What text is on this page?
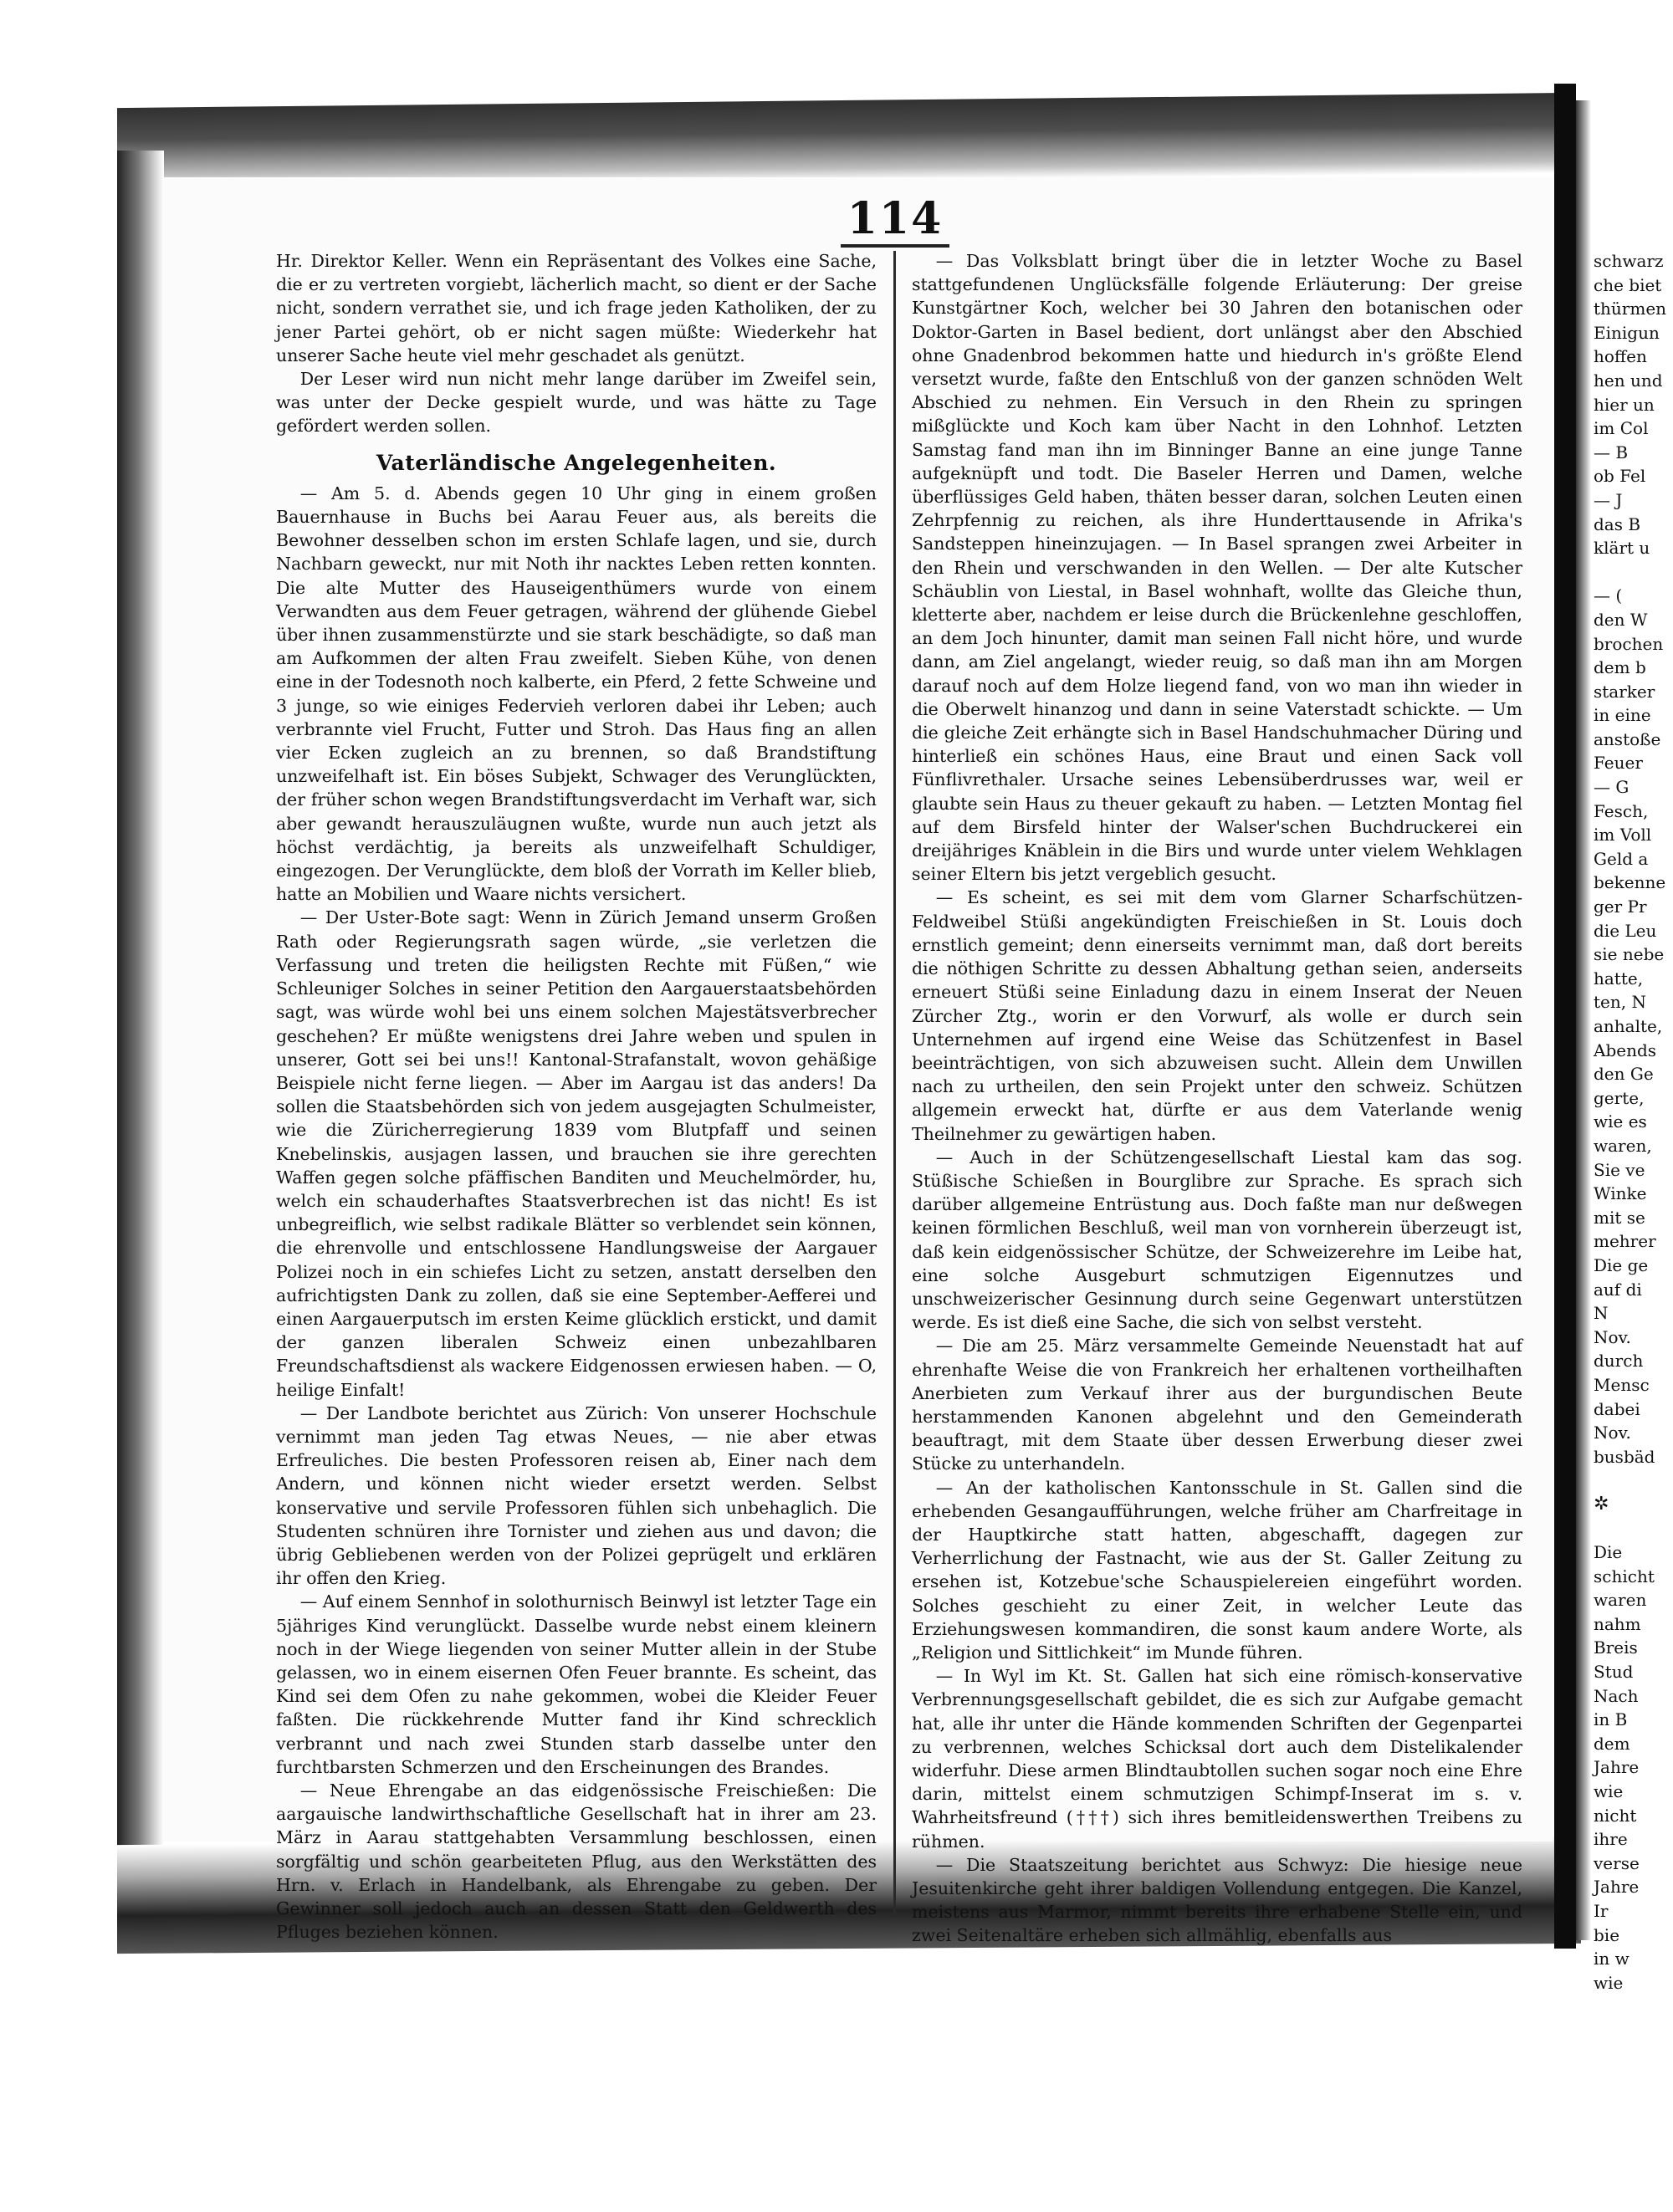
114

Hr. Direktor Keller. Wenn ein Repräsentant des Volkes eine Sache, die er zu vertreten vorgiebt, lächerlich macht, so dient er der Sache nicht, sondern verrathet sie, und ich frage jeden Katholiken, der zu jener Partei gehört, ob er nicht sagen müßte: Wiederkehr hat unserer Sache heute viel mehr geschadet als genützt.

Der Leser wird nun nicht mehr lange darüber im Zweifel sein, was unter der Decke gespielt wurde, und was hätte zu Tage gefördert werden sollen.

Vaterländische Angelegenheiten.

— Am 5. d. Abends gegen 10 Uhr ging in einem großen Bauernhause in Buchs bei Aarau Feuer aus, als bereits die Bewohner desselben schon im ersten Schlafe lagen, und sie, durch Nachbarn geweckt, nur mit Noth ihr nacktes Leben retten konnten. Die alte Mutter des Hauseigenthümers wurde von einem Verwandten aus dem Feuer getragen, während der glühende Giebel über ihnen zusammenstürzte und sie stark beschädigte, so daß man am Aufkommen der alten Frau zweifelt. Sieben Kühe, von denen eine in der Todesnoth noch kalberte, ein Pferd, 2 fette Schweine und 3 junge, so wie einiges Federvieh verloren dabei ihr Leben; auch verbrannte viel Frucht, Futter und Stroh. Das Haus fing an allen vier Ecken zugleich an zu brennen, so daß Brandstiftung unzweifelhaft ist. Ein böses Subjekt, Schwager des Verunglückten, der früher schon wegen Brandstiftungsverdacht im Verhaft war, sich aber gewandt herauszuläugnen wußte, wurde nun auch jetzt als höchst verdächtig, ja bereits als unzweifelhaft Schuldiger, eingezogen. Der Verunglückte, dem bloß der Vorrath im Keller blieb, hatte an Mobilien und Waare nichts versichert.

— Der Uster-Bote sagt: Wenn in Zürich Jemand unserm Großen Rath oder Regierungsrath sagen würde, „sie verletzen die Verfassung und treten die heiligsten Rechte mit Füßen,“ wie Schleuniger Solches in seiner Petition den Aargauerstaatsbehörden sagt, was würde wohl bei uns einem solchen Majestätsverbrecher geschehen? Er müßte wenigstens drei Jahre weben und spulen in unserer, Gott sei bei uns!! Kantonal-Strafanstalt, wovon gehäßige Beispiele nicht ferne liegen. — Aber im Aargau ist das anders! Da sollen die Staatsbehörden sich von jedem ausgejagten Schulmeister, wie die Züricherregierung 1839 vom Blutpfaff und seinen Knebelinskis, ausjagen lassen, und brauchen sie ihre gerechten Waffen gegen solche pfäffischen Banditen und Meuchelmörder, hu, welch ein schauderhaftes Staatsverbrechen ist das nicht! Es ist unbegreiflich, wie selbst radikale Blätter so verblendet sein können, die ehrenvolle und entschlossene Handlungsweise der Aargauer Polizei noch in ein schiefes Licht zu setzen, anstatt derselben den aufrichtigsten Dank zu zollen, daß sie eine September-Aefferei und einen Aargauerputsch im ersten Keime glücklich erstickt, und damit der ganzen liberalen Schweiz einen unbezahlbaren Freundschaftsdienst als wackere Eidgenossen erwiesen haben. — O, heilige Einfalt!

— Der Landbote berichtet aus Zürich: Von unserer Hochschule vernimmt man jeden Tag etwas Neues, — nie aber etwas Erfreuliches. Die besten Professoren reisen ab, Einer nach dem Andern, und können nicht wieder ersetzt werden. Selbst konservative und servile Professoren fühlen sich unbehaglich. Die Studenten schnüren ihre Tornister und ziehen aus und davon; die übrig Gebliebenen werden von der Polizei geprügelt und erklären ihr offen den Krieg.

— Auf einem Sennhof in solothurnisch Beinwyl ist letzter Tage ein 5jähriges Kind verunglückt. Dasselbe wurde nebst einem kleinern noch in der Wiege liegenden von seiner Mutter allein in der Stube gelassen, wo in einem eisernen Ofen Feuer brannte. Es scheint, das Kind sei dem Ofen zu nahe gekommen, wobei die Kleider Feuer faßten. Die rückkehrende Mutter fand ihr Kind schrecklich verbrannt und nach zwei Stunden starb dasselbe unter den furchtbarsten Schmerzen und den Erscheinungen des Brandes.

— Neue Ehrengabe an das eidgenössische Freischießen: Die aargauische landwirthschaftliche Gesellschaft hat in ihrer am 23. März in Aarau stattgehabten Versammlung beschlossen, einen sorgfältig und schön gearbeiteten Pflug, aus den Werkstätten des Hrn. v. Erlach in Handelbank, als Ehrengabe zu geben. Der Gewinner soll jedoch auch an dessen Statt den Geldwerth des Pfluges beziehen können.

— Das Volksblatt bringt über die in letzter Woche zu Basel stattgefundenen Unglücksfälle folgende Erläuterung: Der greise Kunstgärtner Koch, welcher bei 30 Jahren den botanischen oder Doktor-Garten in Basel bedient, dort unlängst aber den Abschied ohne Gnadenbrod bekommen hatte und hiedurch in's größte Elend versetzt wurde, faßte den Entschluß von der ganzen schnöden Welt Abschied zu nehmen. Ein Versuch in den Rhein zu springen mißglückte und Koch kam über Nacht in den Lohnhof. Letzten Samstag fand man ihn im Binninger Banne an eine junge Tanne aufgeknüpft und todt. Die Baseler Herren und Damen, welche überflüssiges Geld haben, thäten besser daran, solchen Leuten einen Zehrpfennig zu reichen, als ihre Hunderttausende in Afrika's Sandsteppen hineinzujagen. — In Basel sprangen zwei Arbeiter in den Rhein und verschwanden in den Wellen. — Der alte Kutscher Schäublin von Liestal, in Basel wohnhaft, wollte das Gleiche thun, kletterte aber, nachdem er leise durch die Brückenlehne geschloffen, an dem Joch hinunter, damit man seinen Fall nicht höre, und wurde dann, am Ziel angelangt, wieder reuig, so daß man ihn am Morgen darauf noch auf dem Holze liegend fand, von wo man ihn wieder in die Oberwelt hinanzog und dann in seine Vaterstadt schickte. — Um die gleiche Zeit erhängte sich in Basel Handschuhmacher Düring und hinterließ ein schönes Haus, eine Braut und einen Sack voll Fünflivrethaler. Ursache seines Lebensüberdrusses war, weil er glaubte sein Haus zu theuer gekauft zu haben. — Letzten Montag fiel auf dem Birsfeld hinter der Walser'schen Buchdruckerei ein dreijähriges Knäblein in die Birs und wurde unter vielem Wehklagen seiner Eltern bis jetzt vergeblich gesucht.

— Es scheint, es sei mit dem vom Glarner Scharfschützen-Feldweibel Stüßi angekündigten Freischießen in St. Louis doch ernstlich gemeint; denn einerseits vernimmt man, daß dort bereits die nöthigen Schritte zu dessen Abhaltung gethan seien, anderseits erneuert Stüßi seine Einladung dazu in einem Inserat der Neuen Zürcher Ztg., worin er den Vorwurf, als wolle er durch sein Unternehmen auf irgend eine Weise das Schützenfest in Basel beeinträchtigen, von sich abzuweisen sucht. Allein dem Unwillen nach zu urtheilen, den sein Projekt unter den schweiz. Schützen allgemein erweckt hat, dürfte er aus dem Vaterlande wenig Theilnehmer zu gewärtigen haben.

— Auch in der Schützengesellschaft Liestal kam das sog. Stüßische Schießen in Bourglibre zur Sprache. Es sprach sich darüber allgemeine Entrüstung aus. Doch faßte man nur deßwegen keinen förmlichen Beschluß, weil man von vornherein überzeugt ist, daß kein eidgenössischer Schütze, der Schweizerehre im Leibe hat, eine solche Ausgeburt schmutzigen Eigennutzes und unschweizerischer Gesinnung durch seine Gegenwart unterstützen werde. Es ist dieß eine Sache, die sich von selbst versteht.

— Die am 25. März versammelte Gemeinde Neuenstadt hat auf ehrenhafte Weise die von Frankreich her erhaltenen vortheilhaften Anerbieten zum Verkauf ihrer aus der burgundischen Beute herstammenden Kanonen abgelehnt und den Gemeinderath beauftragt, mit dem Staate über dessen Erwerbung dieser zwei Stücke zu unterhandeln.

— An der katholischen Kantonsschule in St. Gallen sind die erhebenden Gesangaufführungen, welche früher am Charfreitage in der Hauptkirche statt hatten, abgeschafft, dagegen zur Verherrlichung der Fastnacht, wie aus der St. Galler Zeitung zu ersehen ist, Kotzebue'sche Schauspielereien eingeführt worden. Solches geschieht zu einer Zeit, in welcher Leute das Erziehungswesen kommandiren, die sonst kaum andere Worte, als „Religion und Sittlichkeit“ im Munde führen.

— In Wyl im Kt. St. Gallen hat sich eine römisch-konservative Verbrennungsgesellschaft gebildet, die es sich zur Aufgabe gemacht hat, alle ihr unter die Hände kommenden Schriften der Gegenpartei zu verbrennen, welches Schicksal dort auch dem Distelikalender widerfuhr. Diese armen Blindtaubtollen suchen sogar noch eine Ehre darin, mittelst einem schmutzigen Schimpf-Inserat im s. v. Wahrheitsfreund (†††) sich ihres bemitleidenswerthen Treibens zu rühmen.

— Die Staatszeitung berichtet aus Schwyz: Die hiesige neue Jesuitenkirche geht ihrer baldigen Vollendung entgegen. Die Kanzel, meistens aus Marmor, nimmt bereits ihre erhabene Stelle ein, und zwei Seitenaltäre erheben sich allmählig, ebenfalls aus

schwarz
che biet
thürmen
Einigun
hoffen
hen und
hier un
im Col
— B
ob Fel
— J
das B
klärt u
— (
den W
brochen
dem b
starker
in eine
anstoße
Feuer
— G
Fesch,
im Voll
Geld a
bekenne
ger Pr
die Leu
sie nebe
hatte,
ten, N
anhalte,
Abends
den Ge
gerte,
wie es
waren,
Sie ve
Winke
mit se
mehrer
Die ge
auf di
N
Nov.
durch
Mensc
dabei
Nov.
busbäd
✲
Die
schicht
waren
nahm
Breis
Stud
Nach
in B
dem
Jahre
wie
nicht
ihre
verse
Jahre
Ir
bie
in w
wie
